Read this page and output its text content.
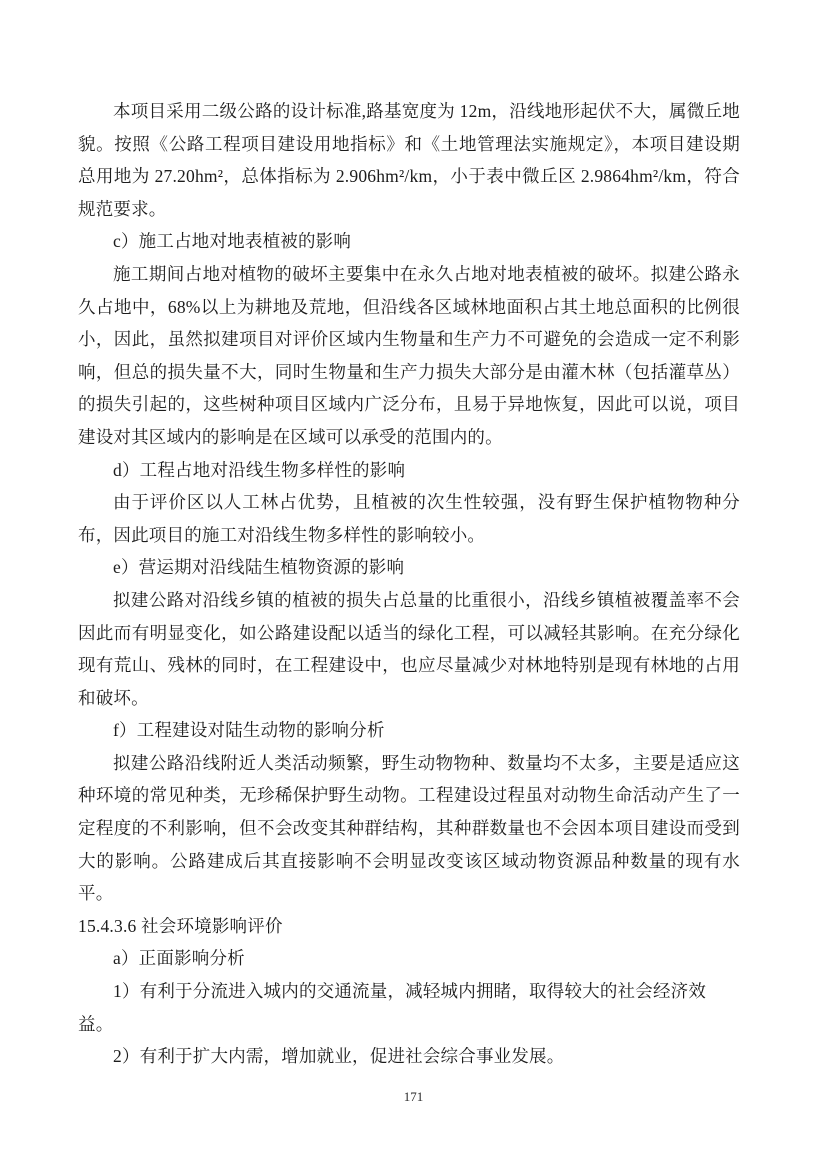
本项目采用二级公路的设计标准,路基宽度为 12m，沿线地形起伏不大，属微丘地貌。按照《公路工程项目建设用地指标》和《土地管理法实施规定》，本项目建设期总用地为 27.20hm²，总体指标为 2.906hm²/km，小于表中微丘区 2.9864hm²/km，符合规范要求。
c）施工占地对地表植被的影响
施工期间占地对植物的破坏主要集中在永久占地对地表植被的破坏。拟建公路永久占地中，68%以上为耕地及荒地，但沿线各区域林地面积占其土地总面积的比例很小，因此，虽然拟建项目对评价区域内生物量和生产力不可避免的会造成一定不利影响，但总的损失量不大，同时生物量和生产力损失大部分是由灌木林（包括灌草丛）的损失引起的，这些树种项目区域内广泛分布，且易于异地恢复，因此可以说，项目建设对其区域内的影响是在区域可以承受的范围内的。
d）工程占地对沿线生物多样性的影响
由于评价区以人工林占优势，且植被的次生性较强，没有野生保护植物物种分布，因此项目的施工对沿线生物多样性的影响较小。
e）营运期对沿线陆生植物资源的影响
拟建公路对沿线乡镇的植被的损失占总量的比重很小，沿线乡镇植被覆盖率不会因此而有明显变化，如公路建设配以适当的绿化工程，可以减轻其影响。在充分绿化现有荒山、残林的同时，在工程建设中，也应尽量减少对林地特别是现有林地的占用和破坏。
f）工程建设对陆生动物的影响分析
拟建公路沿线附近人类活动频繁，野生动物物种、数量均不太多，主要是适应这种环境的常见种类，无珍稀保护野生动物。工程建设过程虽对动物生命活动产生了一定程度的不利影响，但不会改变其种群结构，其种群数量也不会因本项目建设而受到大的影响。公路建成后其直接影响不会明显改变该区域动物资源品种数量的现有水平。
15.4.3.6 社会环境影响评价
a）正面影响分析
1）有利于分流进入城内的交通流量，减轻城内拥睹，取得较大的社会经济效益。
2）有利于扩大内需，增加就业，促进社会综合事业发展。
171
